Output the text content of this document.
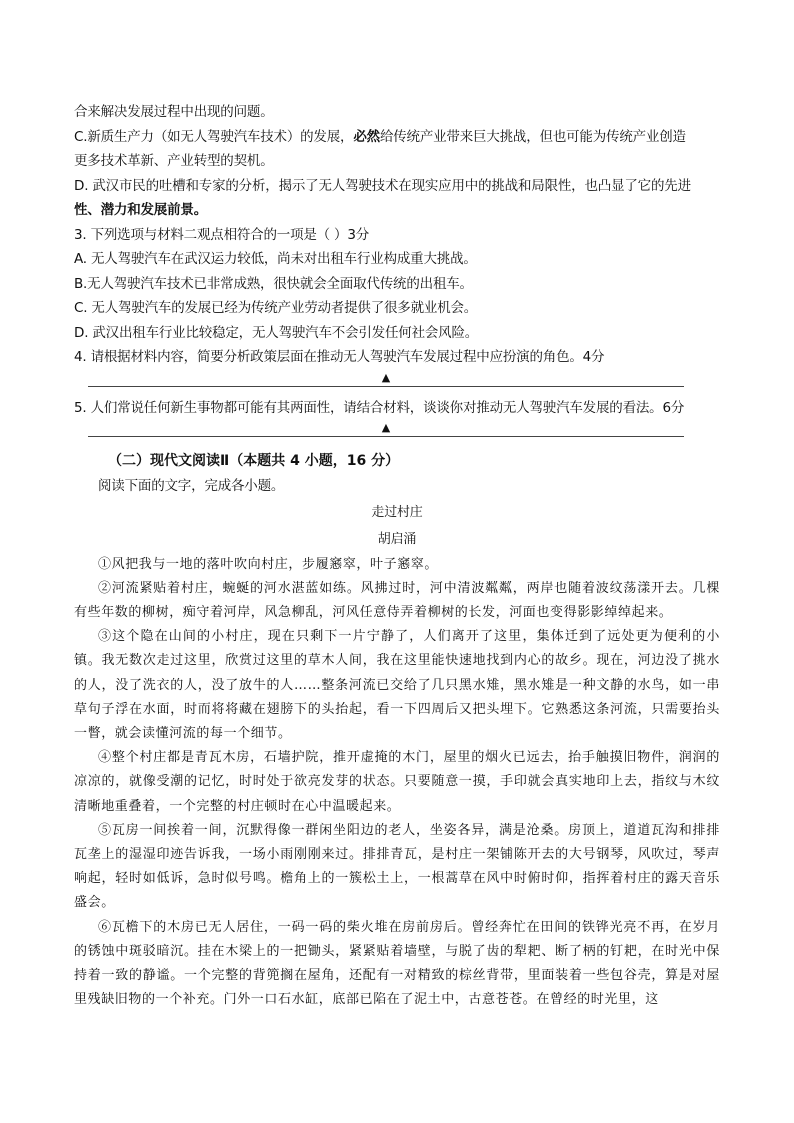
合来解决发展过程中出现的问题。

C.新质生产力（如无人驾驶汽车技术）的发展，必然给传统产业带来巨大挑战，但也可能为传统产业创造

更多技术革新、产业转型的契机。

D. 武汉市民的吐槽和专家的分析，揭示了无人驾驶技术在现实应用中的挑战和局限性，也凸显了它的先进

性、潜力和发展前景。

3. 下列选项与材料二观点相符合的一项是（ ）3分

A. 无人驾驶汽车在武汉运力较低，尚未对出租车行业构成重大挑战。

B.无人驾驶汽车技术已非常成熟，很快就会全面取代传统的出租车。

C. 无人驾驶汽车的发展已经为传统产业劳动者提供了很多就业机会。

D. 武汉出租车行业比较稳定，无人驾驶汽车不会引发任何社会风险。

4. 请根据材料内容，简要分析政策层面在推动无人驾驶汽车发展过程中应扮演的角色。4分

▲

5. 人们常说任何新生事物都可能有其两面性，请结合材料，谈谈你对推动无人驾驶汽车发展的看法。6分

▲

（二）现代文阅读Ⅱ（本题共 4 小题，16 分）

阅读下面的文字，完成各小题。

走过村庄

胡启涌

①风把我与一地的落叶吹向村庄，步履窸窣，叶子窸窣。

②河流紧贴着村庄，蜿蜒的河水湛蓝如练。风拂过时，河中清波粼粼，两岸也随着波纹荡漾开去。几棵有些年数的柳树，痴守着河岸，风急柳乱，河风任意侍弄着柳树的长发，河面也变得影影绰绰起来。

③这个隐在山间的小村庄，现在只剩下一片宁静了，人们离开了这里，集体迁到了远处更为便利的小镇。我无数次走过这里，欣赏过这里的草木人间，我在这里能快速地找到内心的故乡。现在，河边没了挑水的人，没了洗衣的人，没了放牛的人……整条河流已交给了几只黑水雉，黑水雉是一种文静的水鸟，如一串草句子浮在水面，时而将将藏在翅膀下的头抬起，看一下四周后又把头埋下。它熟悉这条河流，只需要抬头一瞥，就会读懂河流的每一个细节。

④整个村庄都是青瓦木房，石墙护院，推开虚掩的木门，屋里的烟火已远去，抬手触摸旧物件，润润的凉凉的，就像受潮的记忆，时时处于欲亮发芽的状态。只要随意一摸，手印就会真实地印上去，指纹与木纹清晰地重叠着，一个完整的村庄顿时在心中温暖起来。

⑤瓦房一间挨着一间，沉默得像一群闲坐阳边的老人，坐姿各异，满是沧桑。房顶上，道道瓦沟和排排瓦垄上的湿湿印迹告诉我，一场小雨刚刚来过。排排青瓦，是村庄一架铺陈开去的大号钢琴，风吹过，琴声响起，轻时如低诉，急时似号鸣。檐角上的一簇松土上，一根蒿草在风中时俯时仰，指挥着村庄的露天音乐盛会。

⑥瓦檐下的木房已无人居住，一码一码的柴火堆在房前房后。曾经奔忙在田间的铁铧光亮不再，在岁月的锈蚀中斑驳暗沉。挂在木梁上的一把锄头，紧紧贴着墙壁，与脱了齿的犁耙、断了柄的钉耙，在时光中保持着一致的静谧。一个完整的背篼搁在屋角，还配有一对精致的棕丝背带，里面装着一些包谷壳，算是对屋里残缺旧物的一个补充。门外一口石水缸，底部已陷在了泥土中，古意苍苍。在曾经的时光里，这
